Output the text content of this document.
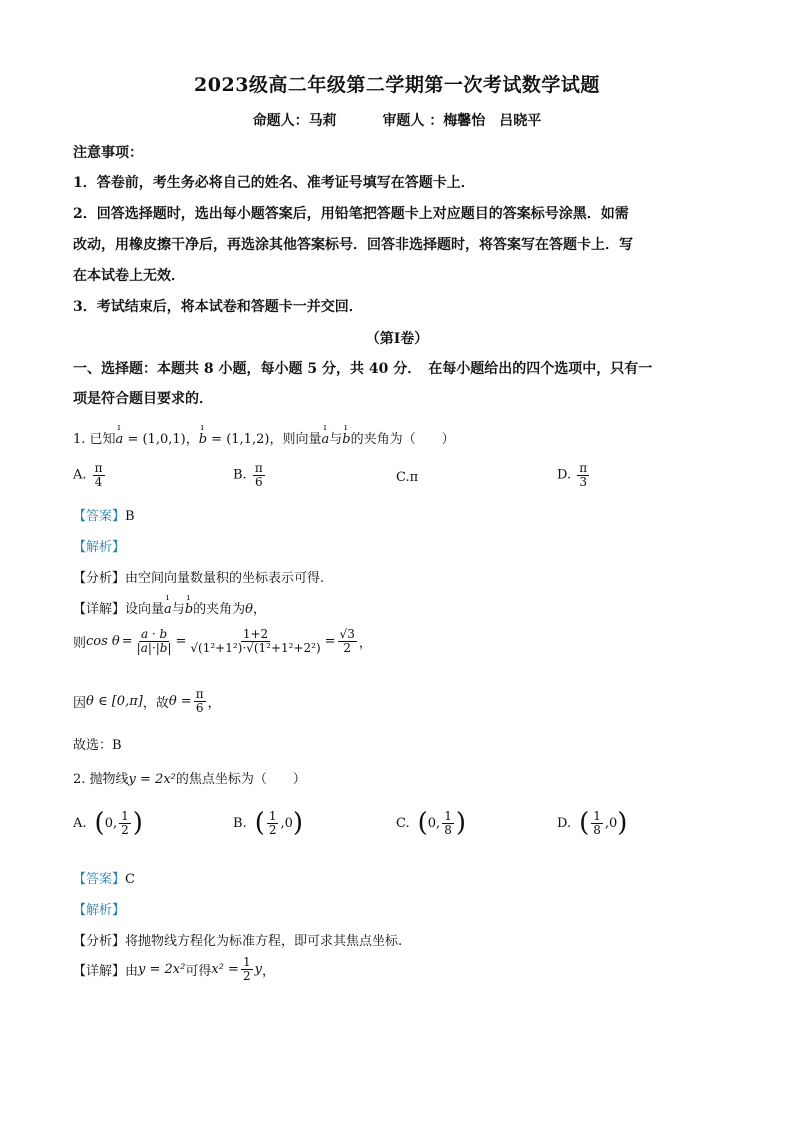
2023级高二年级第二学期第一次考试数学试题
命题人：马莉	审题人 ：梅馨怡　吕晓平
注意事项：
1．答卷前，考生务必将自己的姓名、准考证号填写在答题卡上．
2．回答选择题时，选出每小题答案后，用铅笔把答题卡上对应题目的答案标号涂黑．如需
改动，用橡皮擦干净后，再选涂其他答案标号．回答非选择题时，将答案写在答题卡上．写
在本试卷上无效．
3．考试结束后，将本试卷和答题卡一并交回．
（第Ⅰ卷）
一、选择题：本题共 8 小题，每小题 5 分，共 40 分．　在每小题给出的四个选项中，只有一
项是符合题目要求的．
1. 已知ı a = (1,0,1)，ı b = (1,1,2)，则向量ı a与ı b的夹角为（　　）
A. $\frac{\pi}{4}$	B. $\frac{\pi}{6}$	C.π	D. $\frac{\pi}{3}$
【答案】B
【解析】
【分析】由空间向量数量积的坐标表示可得.
【详解】设向量ı a与ı b的夹角为θ，
则 $\cos \theta = \frac{a \cdot b}{|a|\cdot|b|} = \frac{1+2}{\text{√(1²+1²)·√(1²+1²+2²)}} = \frac{√3}{2}$ ，
因 θ ∈ [0,π] ，故 $\theta = \frac{\pi}{6}$ ，
故选：B
2. 抛物线y = 2x²的焦点坐标为（　　）
A. ( 0, $\frac{1}{2}$ )	B. ( $\frac{1}{2} ,0$ )	C. ( 0, $\frac{1}{8}$ )	D. ( $\frac{1}{8} ,0$ )
【答案】C
【解析】
【分析】将抛物线方程化为标准方程，即可求其焦点坐标.
【详解】 由 y = 2x² 可得 $x^2 = \frac{1}{2}$ y ，
